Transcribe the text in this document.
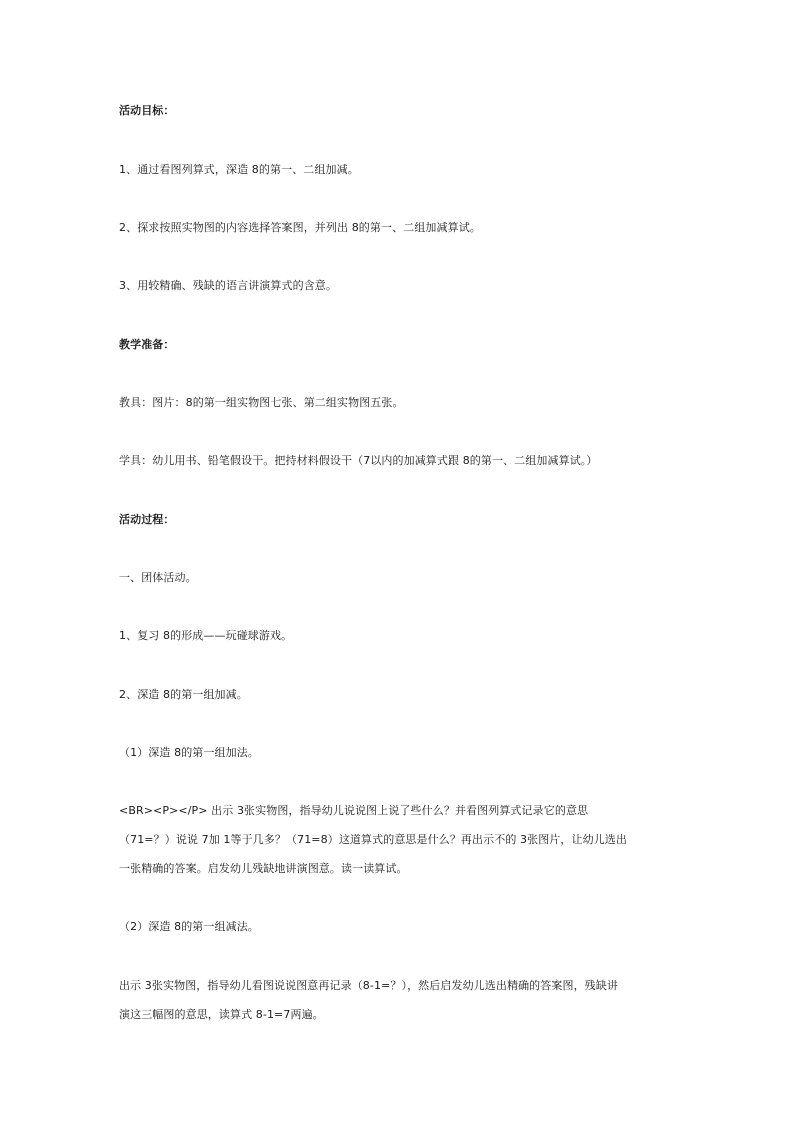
活动目标：
1、通过看图列算式，深造 8的第一、二组加减。
2、探求按照实物图的内容选择答案图，并列出 8的第一、二组加减算试。
3、用较精确、残缺的语言讲演算式的含意。
教学准备：
教具：图片：8的第一组实物图七张、第二组实物图五张。
学具：幼儿用书、铅笔假设干。把持材料假设干（7以内的加减算式跟 8的第一、二组加减算试。）
活动过程：
一、团体活动。
1、复习 8的形成——玩碰球游戏。
2、深造 8的第一组加减。
（1）深造 8的第一组加法。
<BR><P></P> 出示 3张实物图，指导幼儿说说图上说了些什么？并看图列算式记录它的意思
（71=？）说说 7加 1等于几多？（71=8）这道算式的意思是什么？再出示不的 3张图片，让幼儿选出
一张精确的答案。启发幼儿残缺地讲演图意。读一读算试。
（2）深造 8的第一组减法。
出示 3张实物图，指导幼儿看图说说图意再记录（8-1=？），然后启发幼儿选出精确的答案图，残缺讲
演这三幅图的意思，读算式 8-1=7两遍。
